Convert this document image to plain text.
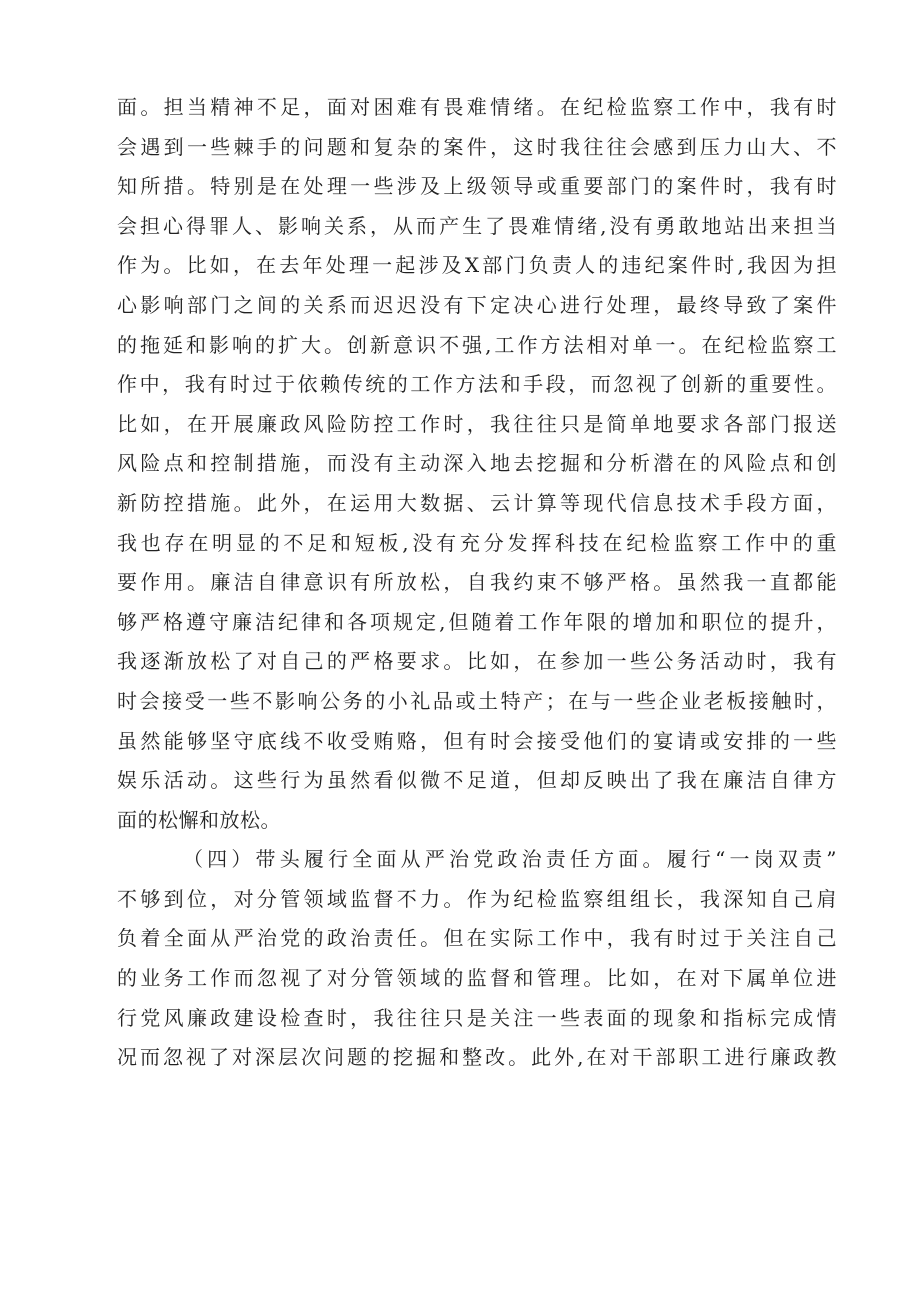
面。担当精神不足，面对困难有畏难情绪。在纪检监察工作中，我有时
会遇到一些棘手的问题和复杂的案件，这时我往往会感到压力山大、不
知所措。特别是在处理一些涉及上级领导或重要部门的案件时，我有时
会担心得罪人、影响关系，从而产生了畏难情绪,没有勇敢地站出来担当
作为。比如，在去年处理一起涉及X部门负责人的违纪案件时,我因为担
心影响部门之间的关系而迟迟没有下定决心进行处理，最终导致了案件
的拖延和影响的扩大。创新意识不强,工作方法相对单一。在纪检监察工
作中，我有时过于依赖传统的工作方法和手段，而忽视了创新的重要性。
比如，在开展廉政风险防控工作时，我往往只是简单地要求各部门报送
风险点和控制措施，而没有主动深入地去挖掘和分析潜在的风险点和创
新防控措施。此外，在运用大数据、云计算等现代信息技术手段方面，
我也存在明显的不足和短板,没有充分发挥科技在纪检监察工作中的重
要作用。廉洁自律意识有所放松，自我约束不够严格。虽然我一直都能
够严格遵守廉洁纪律和各项规定,但随着工作年限的增加和职位的提升，
我逐渐放松了对自己的严格要求。比如，在参加一些公务活动时，我有
时会接受一些不影响公务的小礼品或土特产；在与一些企业老板接触时，
虽然能够坚守底线不收受贿赂，但有时会接受他们的宴请或安排的一些
娱乐活动。这些行为虽然看似微不足道，但却反映出了我在廉洁自律方
面的松懈和放松。
（四）带头履行全面从严治党政治责任方面。履行“一岗双责”
不够到位，对分管领域监督不力。作为纪检监察组组长，我深知自己肩
负着全面从严治党的政治责任。但在实际工作中，我有时过于关注自己
的业务工作而忽视了对分管领域的监督和管理。比如，在对下属单位进
行党风廉政建设检查时，我往往只是关注一些表面的现象和指标完成情
况而忽视了对深层次问题的挖掘和整改。此外,在对干部职工进行廉政教
